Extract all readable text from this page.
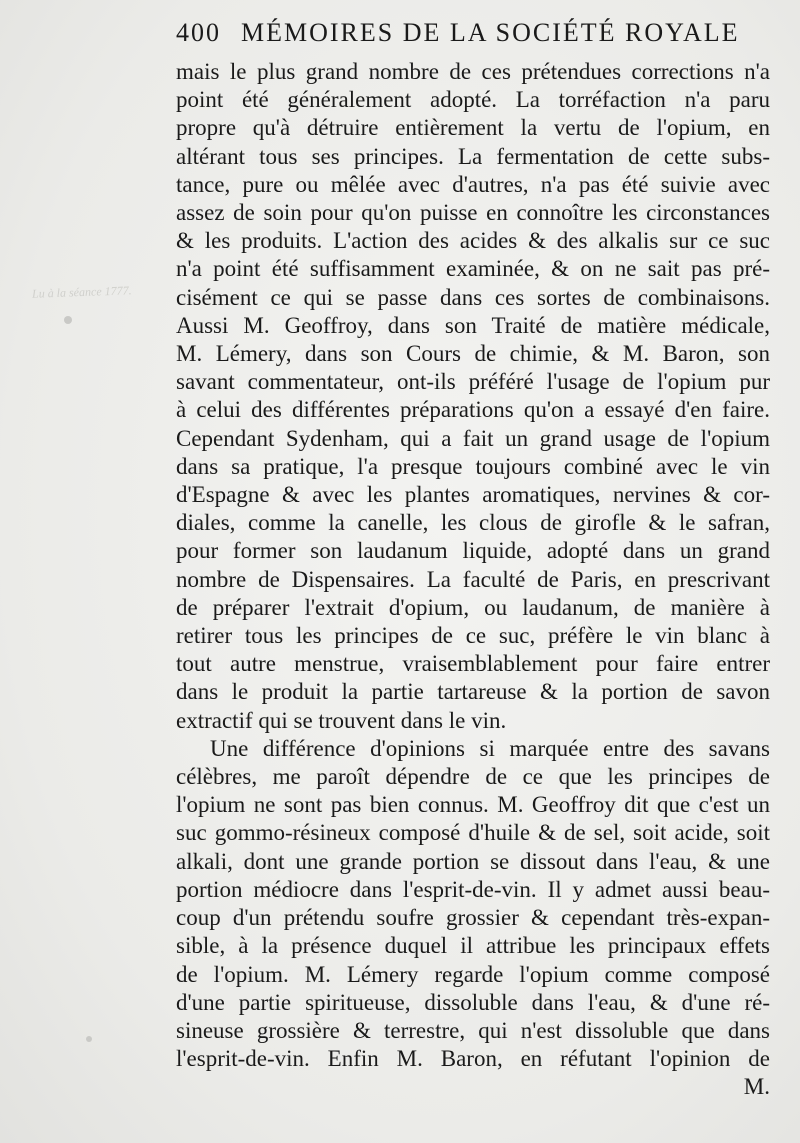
Lu à la séance 1777.
400 MÉMOIRES DE LA SOCIÉTÉ ROYALE
mais le plus grand nombre de ces prétendues corrections n'a
point été généralement adopté. La torréfaction n'a paru
propre qu'à détruire entièrement la vertu de l'opium, en
altérant tous ses principes. La fermentation de cette subs-
tance, pure ou mêlée avec d'autres, n'a pas été suivie avec
assez de soin pour qu'on puisse en connoître les circonstances
& les produits. L'action des acides & des alkalis sur ce suc
n'a point été suffisamment examinée, & on ne sait pas pré-
cisément ce qui se passe dans ces sortes de combinaisons.
Aussi M. Geoffroy, dans son Traité de matière médicale,
M. Lémery, dans son Cours de chimie, & M. Baron, son
savant commentateur, ont-ils préféré l'usage de l'opium pur
à celui des différentes préparations qu'on a essayé d'en faire.
Cependant Sydenham, qui a fait un grand usage de l'opium
dans sa pratique, l'a presque toujours combiné avec le vin
d'Espagne & avec les plantes aromatiques, nervines & cor-
diales, comme la canelle, les clous de girofle & le safran,
pour former son laudanum liquide, adopté dans un grand
nombre de Dispensaires. La faculté de Paris, en prescrivant
de préparer l'extrait d'opium, ou laudanum, de manière à
retirer tous les principes de ce suc, préfère le vin blanc à
tout autre menstrue, vraisemblablement pour faire entrer
dans le produit la partie tartareuse & la portion de savon
extractif qui se trouvent dans le vin.
Une différence d'opinions si marquée entre des savans
célèbres, me paroît dépendre de ce que les principes de
l'opium ne sont pas bien connus. M. Geoffroy dit que c'est un
suc gommo-résineux composé d'huile & de sel, soit acide, soit
alkali, dont une grande portion se dissout dans l'eau, & une
portion médiocre dans l'esprit-de-vin. Il y admet aussi beau-
coup d'un prétendu soufre grossier & cependant très-expan-
sible, à la présence duquel il attribue les principaux effets
de l'opium. M. Lémery regarde l'opium comme composé
d'une partie spiritueuse, dissoluble dans l'eau, & d'une ré-
sineuse grossière & terrestre, qui n'est dissoluble que dans
l'esprit-de-vin. Enfin M. Baron, en réfutant l'opinion de
M.
